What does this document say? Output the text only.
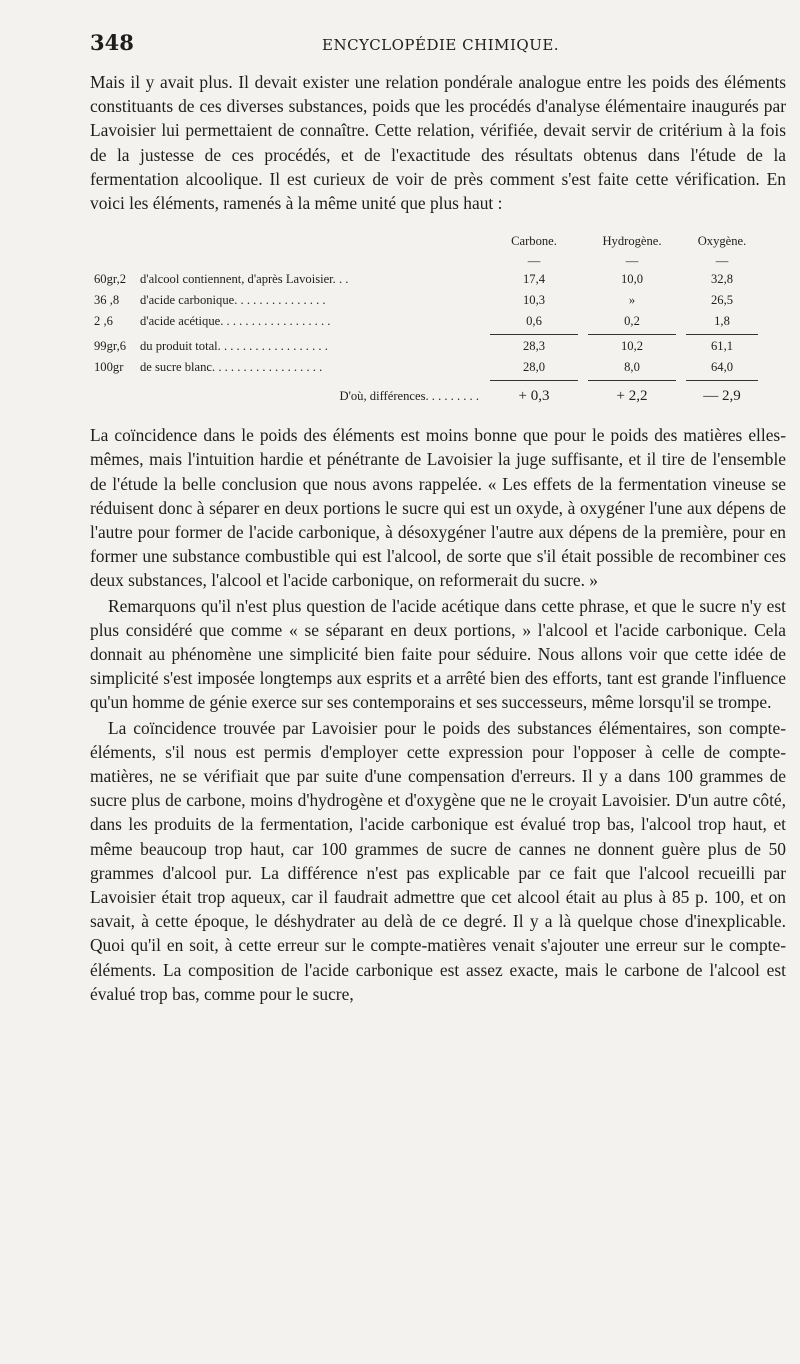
348	ENCYCLOPÉDIE CHIMIQUE.

Mais il y avait plus. Il devait exister une relation pondérale analogue entre les poids des éléments constituants de ces diverses substances, poids que les procédés d'analyse élémentaire inaugurés par Lavoisier lui permettaient de connaître. Cette relation, vérifiée, devait servir de critérium à la fois de la justesse de ces procédés, et de l'exactitude des résultats obtenus dans l'étude de la fermentation alcoolique. Il est curieux de voir de près comment s'est faite cette vérification. En voici les éléments, ramenés à la même unité que plus haut :

Carbone.	Hydrogène.	Oxygène.
—	—	—
60gr,2	d'alcool contiennent, d'après Lavoisier. . .	17,4	10,0	32,8
36 ,8	d'acide carbonique. . . . . . . . . . . . . . .	10,3	»	26,5
2 ,6	d'acide acétique. . . . . . . . . . . . . . . . . .	0,6	0,2	1,8
99gr,6	du produit total. . . . . . . . . . . . . . . . . .	28,3	10,2	61,1
100gr	de sucre blanc. . . . . . . . . . . . . . . . . .	28,0	8,0	64,0
D'où, différences. . . . . . . . .	+ 0,3	+ 2,2	— 2,9

La coïncidence dans le poids des éléments est moins bonne que pour le poids des matières elles-mêmes, mais l'intuition hardie et pénétrante de Lavoisier la juge suffisante, et il tire de l'ensemble de l'étude la belle conclusion que nous avons rappelée. « Les effets de la fermentation vineuse se réduisent donc à séparer en deux portions le sucre qui est un oxyde, à oxygéner l'une aux dépens de l'autre pour former de l'acide carbonique, à désoxygéner l'autre aux dépens de la première, pour en former une substance combustible qui est l'alcool, de sorte que s'il était possible de recombiner ces deux substances, l'alcool et l'acide carbonique, on reformerait du sucre. »

Remarquons qu'il n'est plus question de l'acide acétique dans cette phrase, et que le sucre n'y est plus considéré que comme « se séparant en deux portions, » l'alcool et l'acide carbonique. Cela donnait au phénomène une simplicité bien faite pour séduire. Nous allons voir que cette idée de simplicité s'est imposée longtemps aux esprits et a arrêté bien des efforts, tant est grande l'influence qu'un homme de génie exerce sur ses contemporains et ses successeurs, même lorsqu'il se trompe.

La coïncidence trouvée par Lavoisier pour le poids des substances élémentaires, son compte-éléments, s'il nous est permis d'employer cette expression pour l'opposer à celle de compte-matières, ne se vérifiait que par suite d'une compensation d'erreurs. Il y a dans 100 grammes de sucre plus de carbone, moins d'hydrogène et d'oxygène que ne le croyait Lavoisier. D'un autre côté, dans les produits de la fermentation, l'acide carbonique est évalué trop bas, l'alcool trop haut, et même beaucoup trop haut, car 100 grammes de sucre de cannes ne donnent guère plus de 50 grammes d'alcool pur. La différence n'est pas explicable par ce fait que l'alcool recueilli par Lavoisier était trop aqueux, car il faudrait admettre que cet alcool était au plus à 85 p. 100, et on savait, à cette époque, le déshydrater au delà de ce degré. Il y a là quelque chose d'inexplicable. Quoi qu'il en soit, à cette erreur sur le compte-matières venait s'ajouter une erreur sur le compte-éléments. La composition de l'acide carbonique est assez exacte, mais le carbone de l'alcool est évalué trop bas, comme pour le sucre,
